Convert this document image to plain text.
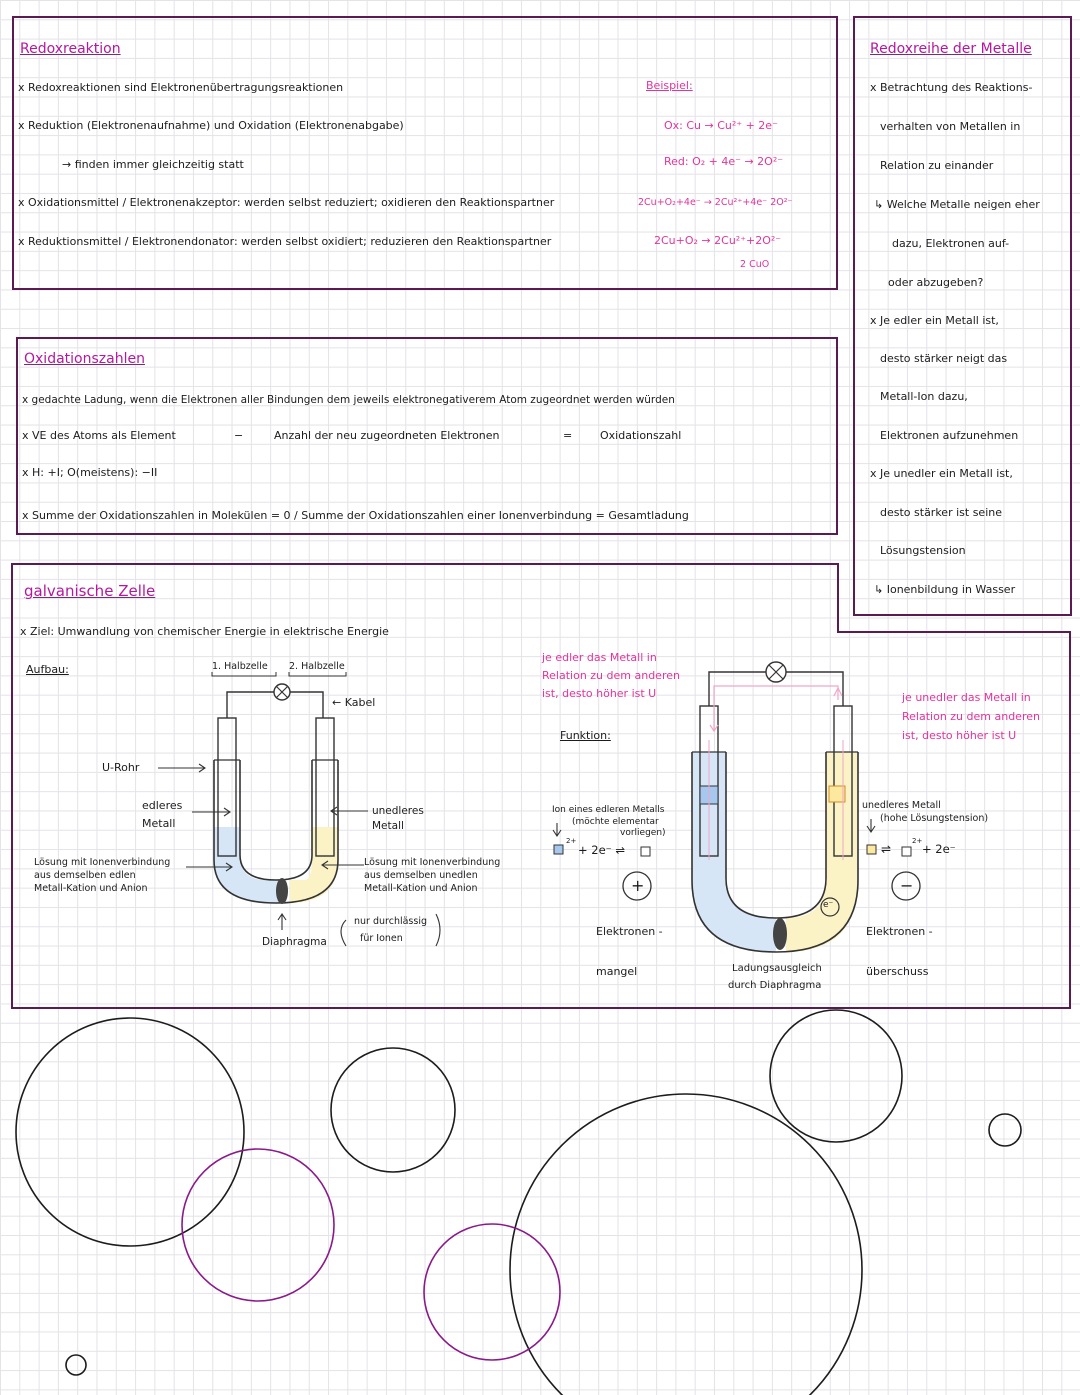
Redoxreaktion
x Redoxreaktionen sind Elektronenübertragungsreaktionen
x Reduktion (Elektronenaufnahme) und Oxidation (Elektronenabgabe)
→ finden immer gleichzeitig statt
x Oxidationsmittel / Elektronenakzeptor: werden selbst reduziert; oxidieren den Reaktionspartner
x Reduktionsmittel / Elektronendonator: werden selbst oxidiert; reduzieren den Reaktionspartner
Beispiel:
Ox: Cu → Cu²⁺ + 2e⁻
Red: O₂ + 4e⁻ → 2O²⁻
2Cu+O₂+4e⁻ → 2Cu²⁺+4e⁻ 2O²⁻
2Cu+O₂ → 2Cu²⁺+2O²⁻
2 CuO
Redoxreihe der Metalle
x Betrachtung des Reaktions-
verhalten von Metallen in
Relation zu einander
↳ Welche Metalle neigen eher
dazu, Elektronen auf-
oder abzugeben?
x Je edler ein Metall ist,
desto stärker neigt das
Metall-Ion dazu,
Elektronen aufzunehmen
x Je unedler ein Metall ist,
desto stärker ist seine
Lösungstension
↳ Ionenbildung in Wasser
Oxidationszahlen
x gedachte Ladung, wenn die Elektronen aller Bindungen dem jeweils elektronegativerem Atom zugeordnet werden würden
x VE des Atoms als Element	−	Anzahl der neu zugeordneten Elektronen	=	Oxidationszahl
x H: +I; O(meistens): −II
x Summe der Oxidationszahlen in Molekülen = 0 / Summe der Oxidationszahlen einer Ionenverbindung = Gesamtladung
galvanische Zelle
x Ziel: Umwandlung von chemischer Energie in elektrische Energie
Aufbau:	1. Halbzelle 2. Halbzelle
← Kabel
U-Rohr
edleres
Metall
unedleres
Metall
Lösung mit Ionenverbindung
aus demselben edlen
Metall-Kation und Anion
Lösung mit Ionenverbindung
aus demselben unedlen
Metall-Kation und Anion
Diaphragma
nur durchlässig
für Ionen
je edler das Metall in
Relation zu dem anderen
ist, desto höher ist U	je unedler das Metall in
Relation zu dem anderen
ist, desto höher ist U
Funktion:
Ion eines edleren Metalls
(möchte elementar
vorliegen)
2+
+ 2e⁻ ⇌
+
Elektronen -
mangel
unedleres Metall
(hohe Lösungstension)
⇌
2+
+ 2e⁻
−
Elektronen -
überschuss
Ladungsausgleich
durch Diaphragma
e⁻
